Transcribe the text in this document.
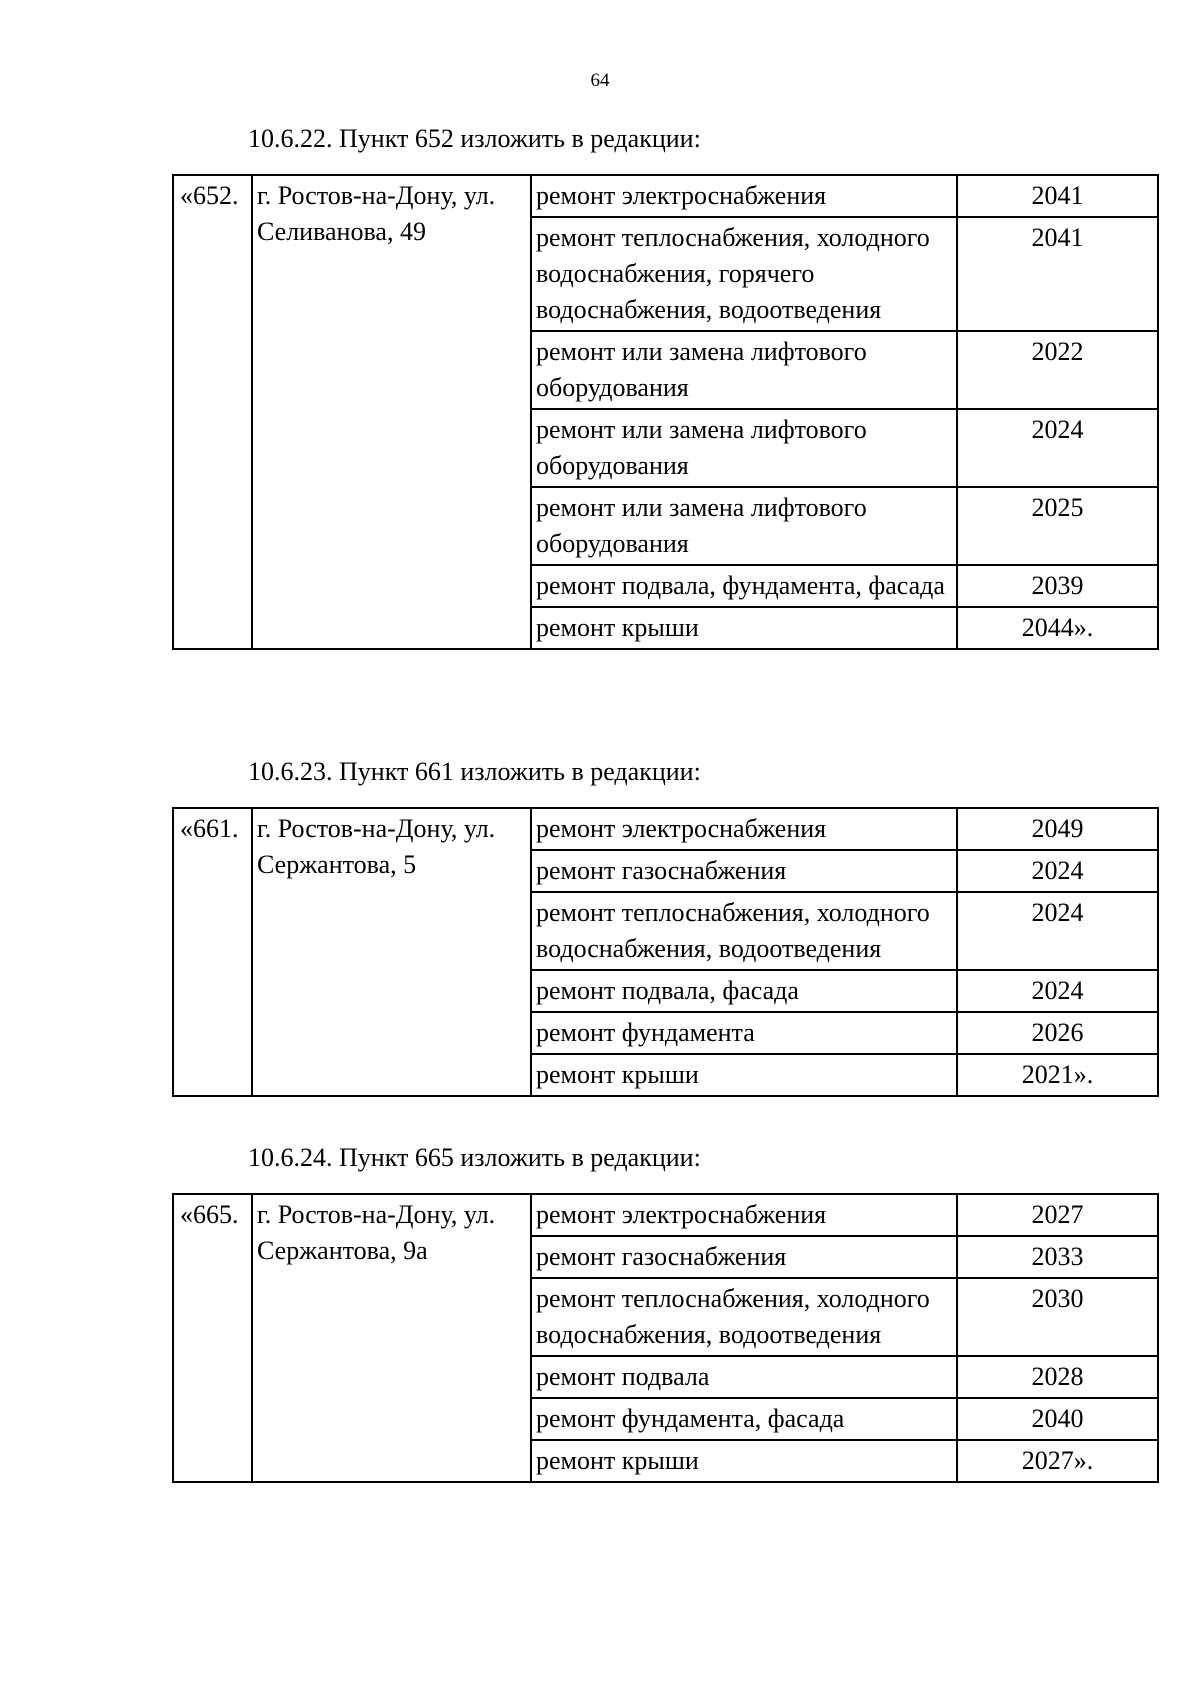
64
10.6.22. Пункт 652 изложить в редакции:
«652.	г. Ростов-на-Дону, ул. Селиванова, 49	ремонт электроснабжения	2041
		ремонт теплоснабжения, холодного водоснабжения, горячего водоснабжения, водоотведения	2041
		ремонт или замена лифтового оборудования	2022
		ремонт или замена лифтового оборудования	2024
		ремонт или замена лифтового оборудования	2025
		ремонт подвала, фундамента, фасада	2039
		ремонт крыши	2044».
10.6.23. Пункт 661 изложить в редакции:
«661.	г. Ростов-на-Дону, ул. Сержантова, 5	ремонт электроснабжения	2049
		ремонт газоснабжения	2024
		ремонт теплоснабжения, холодного водоснабжения, водоотведения	2024
		ремонт подвала, фасада	2024
		ремонт фундамента	2026
		ремонт крыши	2021».
10.6.24. Пункт 665 изложить в редакции:
«665.	г. Ростов-на-Дону, ул. Сержантова, 9а	ремонт электроснабжения	2027
		ремонт газоснабжения	2033
		ремонт теплоснабжения, холодного водоснабжения, водоотведения	2030
		ремонт подвала	2028
		ремонт фундамента, фасада	2040
		ремонт крыши	2027».
